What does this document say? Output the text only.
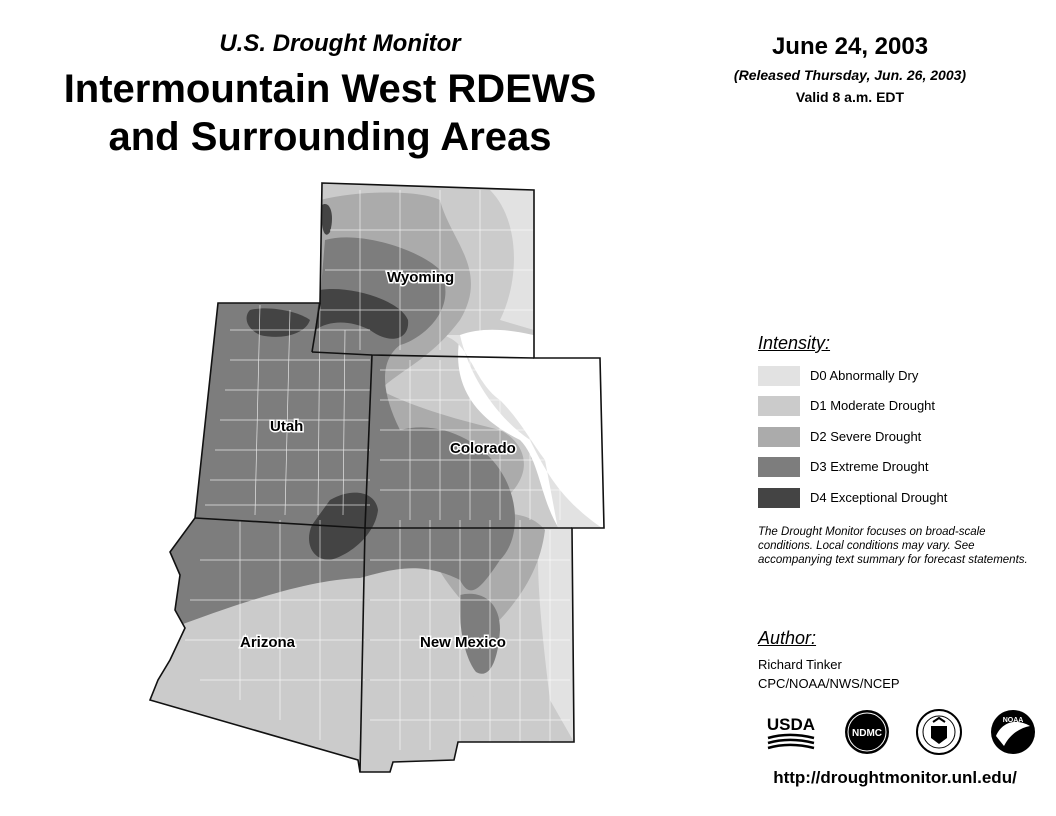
U.S. Drought Monitor
Intermountain West RDEWS
and Surrounding Areas
June 24, 2003
(Released Thursday, Jun. 26, 2003)
Valid 8 a.m. EDT
Wyoming
Utah
Colorado
Arizona	New Mexico
Intensity:
D0 Abnormally Dry
D1 Moderate Drought
D2 Severe Drought
D3 Extreme Drought
D4 Exceptional Drought
The Drought Monitor focuses on broad-scale conditions. Local conditions may vary. See accompanying text summary for forecast statements.
Author:
Richard Tinker
CPC/NOAA/NWS/NCEP
USDA	NDMC
NOAA
http://droughtmonitor.unl.edu/
